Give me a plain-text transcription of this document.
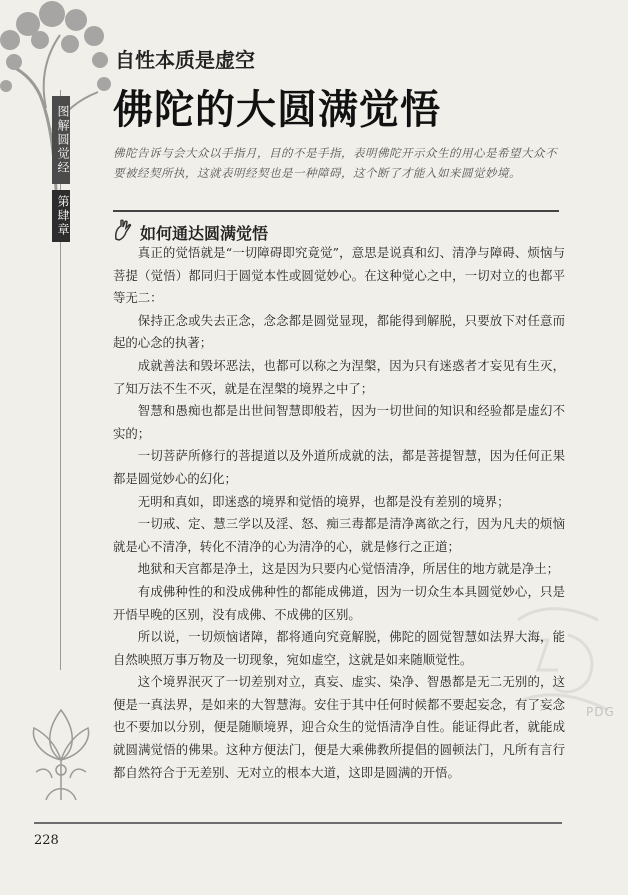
图解圆觉经
第肆章
PDG
自性本质是虚空
佛陀的大圆满觉悟
佛陀告诉与会大众以手指月，目的不是手指，表明佛陀开示众生的用心是希望大众不要被经契所执，这就表明经契也是一种障碍，这个断了才能入如来圆觉妙境。
如何通达圆满觉悟

真正的觉悟就是“一切障碍即究竟觉”，意思是说真和幻、清净与障碍、烦恼与菩提（觉悟）都同归于圆觉本性或圆觉妙心。在这种觉心之中，一切对立的也都平等无二：

保持正念或失去正念，念念都是圆觉显现，都能得到解脱，只要放下对任意而起的心念的执著；

成就善法和毁坏恶法，也都可以称之为涅槃，因为只有迷惑者才妄见有生灭，了知万法不生不灭，就是在涅槃的境界之中了；

智慧和愚痴也都是出世间智慧即般若，因为一切世间的知识和经验都是虚幻不实的；

一切菩萨所修行的菩提道以及外道所成就的法，都是菩提智慧，因为任何正果都是圆觉妙心的幻化；

无明和真如，即迷惑的境界和觉悟的境界，也都是没有差别的境界；

一切戒、定、慧三学以及淫、怒、痴三毒都是清净离欲之行，因为凡夫的烦恼就是心不清净，转化不清净的心为清净的心，就是修行之正道；

地狱和天宫都是净土，这是因为只要内心觉悟清净，所居住的地方就是净土；

有成佛种性的和没成佛种性的都能成佛道，因为一切众生本具圆觉妙心，只是开悟早晚的区别，没有成佛、不成佛的区别。

所以说，一切烦恼诸障，都将通向究竟解脱，佛陀的圆觉智慧如法界大海，能自然映照万事万物及一切现象，宛如虚空，这就是如来随顺觉性。

这个境界泯灭了一切差别对立，真妄、虚实、染净、智愚都是无二无别的，这便是一真法界，是如来的大智慧海。安住于其中任何时候都不要起妄念，有了妄念也不要加以分别，便是随顺境界，迎合众生的觉悟清净自性。能证得此者，就能成就圆满觉悟的佛果。这种方便法门，便是大乘佛教所提倡的圆顿法门，凡所有言行都自然符合于无差别、无对立的根本大道，这即是圆满的开悟。

228
